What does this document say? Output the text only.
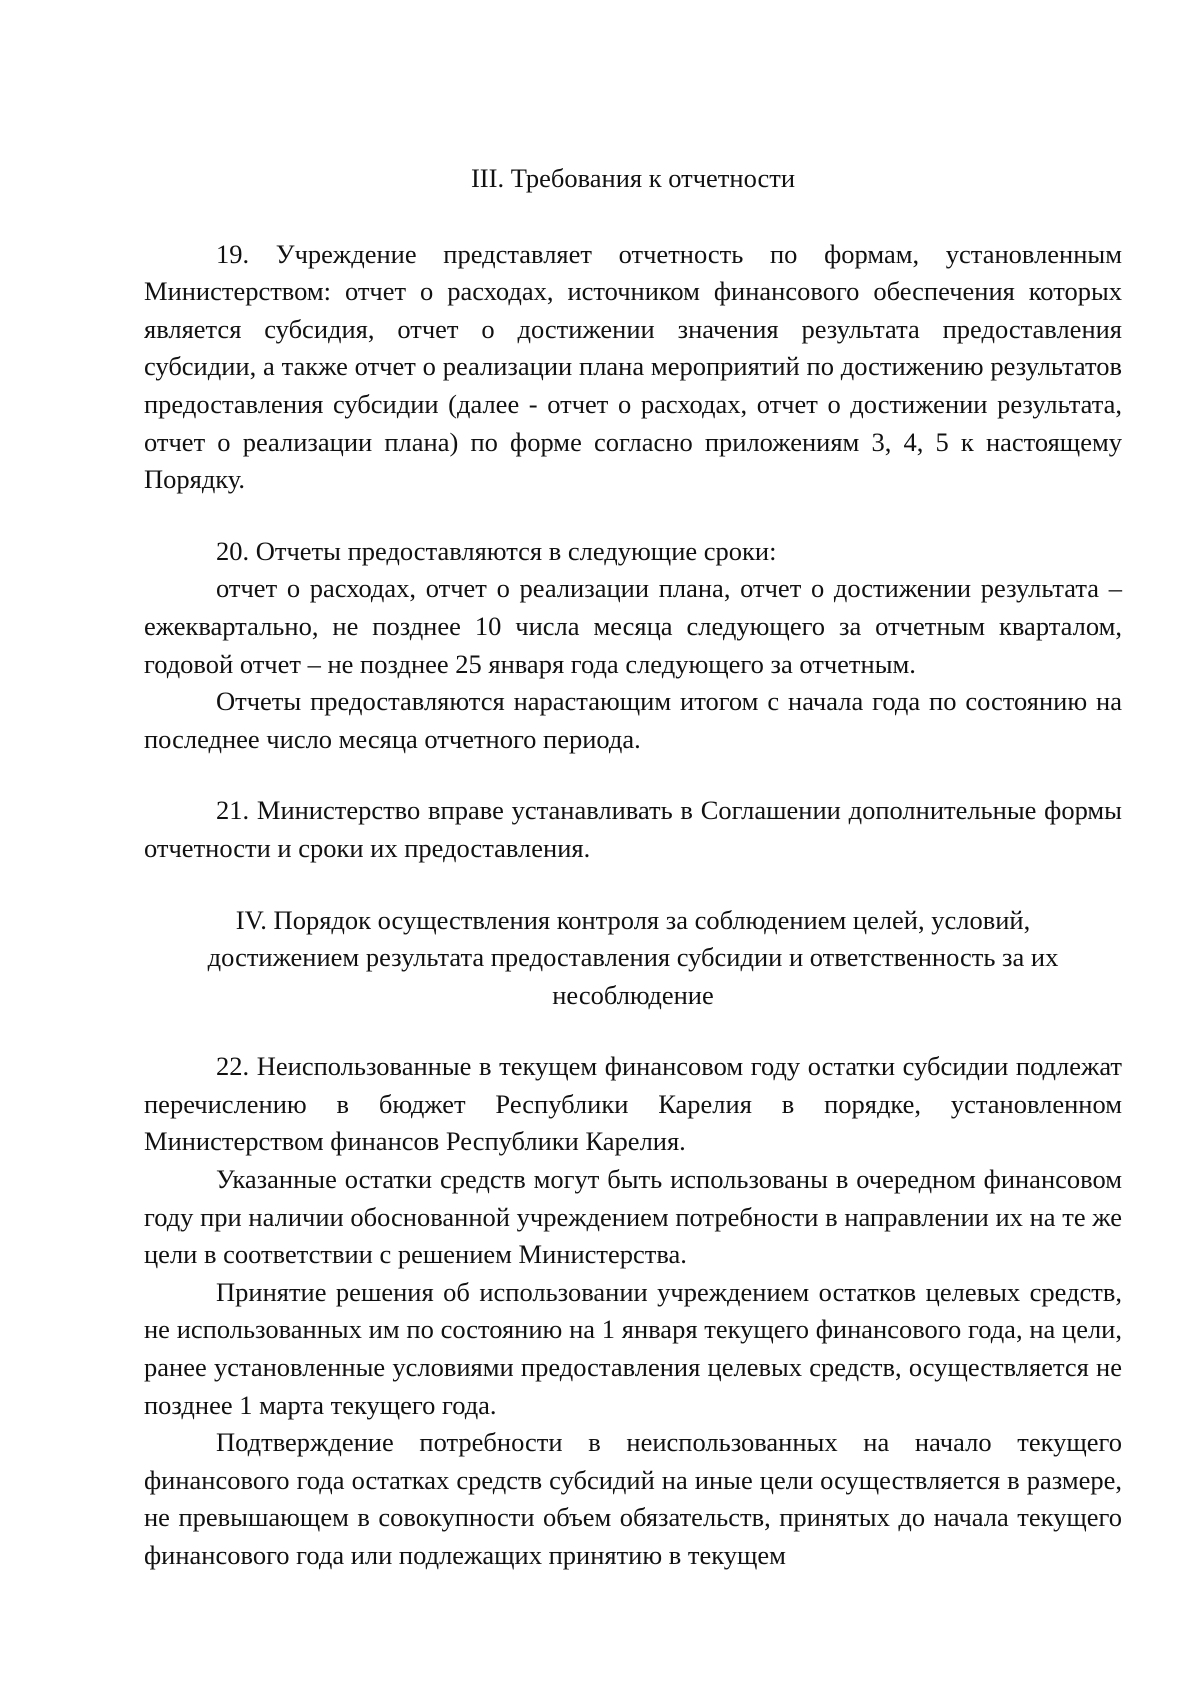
III. Требования к отчетности

19. Учреждение представляет отчетность по формам, установленным Министерством: отчет о расходах, источником финансового обеспечения которых является субсидия, отчет о достижении значения результата предоставления субсидии, а также отчет о реализации плана мероприятий по достижению результатов предоставления субсидии (далее - отчет о расходах, отчет о достижении результата, отчет о реализации плана) по форме согласно приложениям 3, 4, 5 к настоящему Порядку.

20. Отчеты предоставляются в следующие сроки:

отчет о расходах, отчет о реализации плана, отчет о достижении результата – ежеквартально, не позднее 10 числа месяца следующего за отчетным кварталом, годовой отчет – не позднее 25 января года следующего за отчетным.

Отчеты предоставляются нарастающим итогом с начала года по состоянию на последнее число месяца отчетного периода.

21. Министерство вправе устанавливать в Соглашении дополнительные формы отчетности и сроки их предоставления.

IV. Порядок осуществления контроля за соблюдением целей, условий,

достижением результата предоставления субсидии и ответственность за их

несоблюдение

22. Неиспользованные в текущем финансовом году остатки субсидии подлежат перечислению в бюджет Республики Карелия в порядке, установленном Министерством финансов Республики Карелия.

Указанные остатки средств могут быть использованы в очередном финансовом году при наличии обоснованной учреждением потребности в направлении их на те же цели в соответствии с решением Министерства.

Принятие решения об использовании учреждением остатков целевых средств, не использованных им по состоянию на 1 января текущего финансового года, на цели, ранее установленные условиями предоставления целевых средств, осуществляется не позднее 1 марта текущего года.

Подтверждение потребности в неиспользованных на начало текущего финансового года остатках средств субсидий на иные цели осуществляется в размере, не превышающем в совокупности объем обязательств, принятых до начала текущего финансового года или подлежащих принятию в текущем
